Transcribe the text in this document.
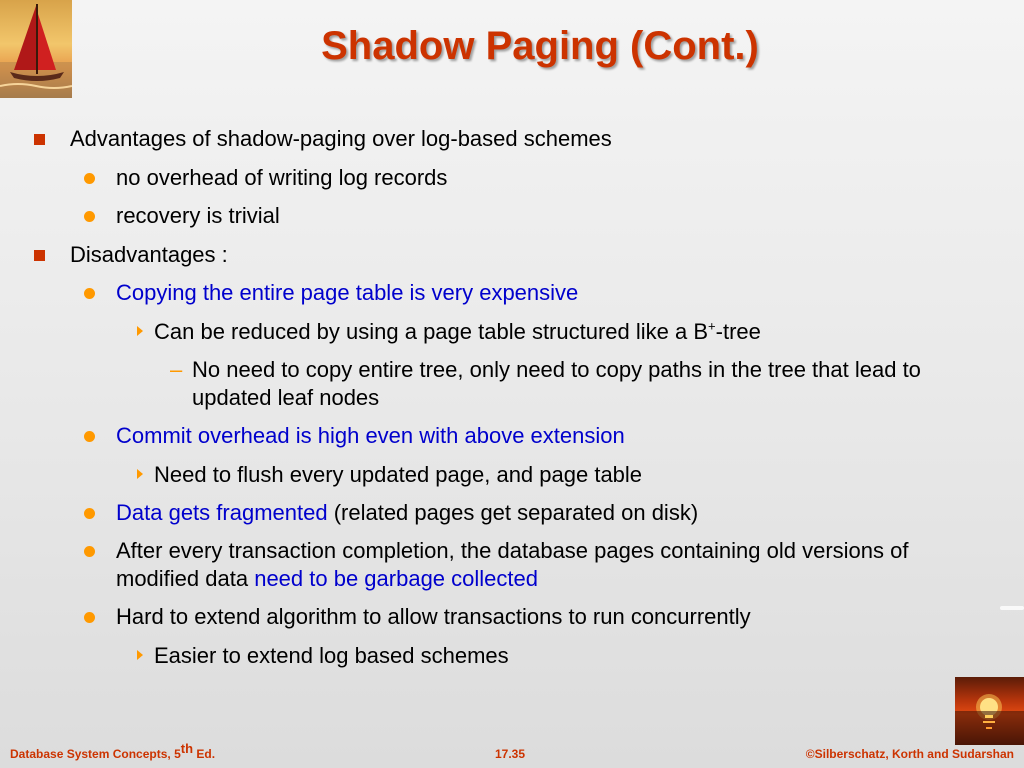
Shadow Paging (Cont.)
Advantages of shadow-paging over log-based schemes
no overhead of writing log records
recovery is trivial
Disadvantages :
Copying the entire page table is very expensive
Can be reduced by using a page table structured like a B+-tree
– No need to copy entire tree, only need to copy paths in the tree that lead to updated leaf nodes
Commit overhead is high even with above extension
Need to flush every updated page, and page table
Data gets fragmented (related pages get separated on disk)
After every transaction completion, the database pages containing old versions of modified data need to be garbage collected
Hard to extend algorithm to allow transactions to run concurrently
Easier to extend log based schemes
Database System Concepts, 5th Ed.	17.35	©Silberschatz, Korth and Sudarshan
